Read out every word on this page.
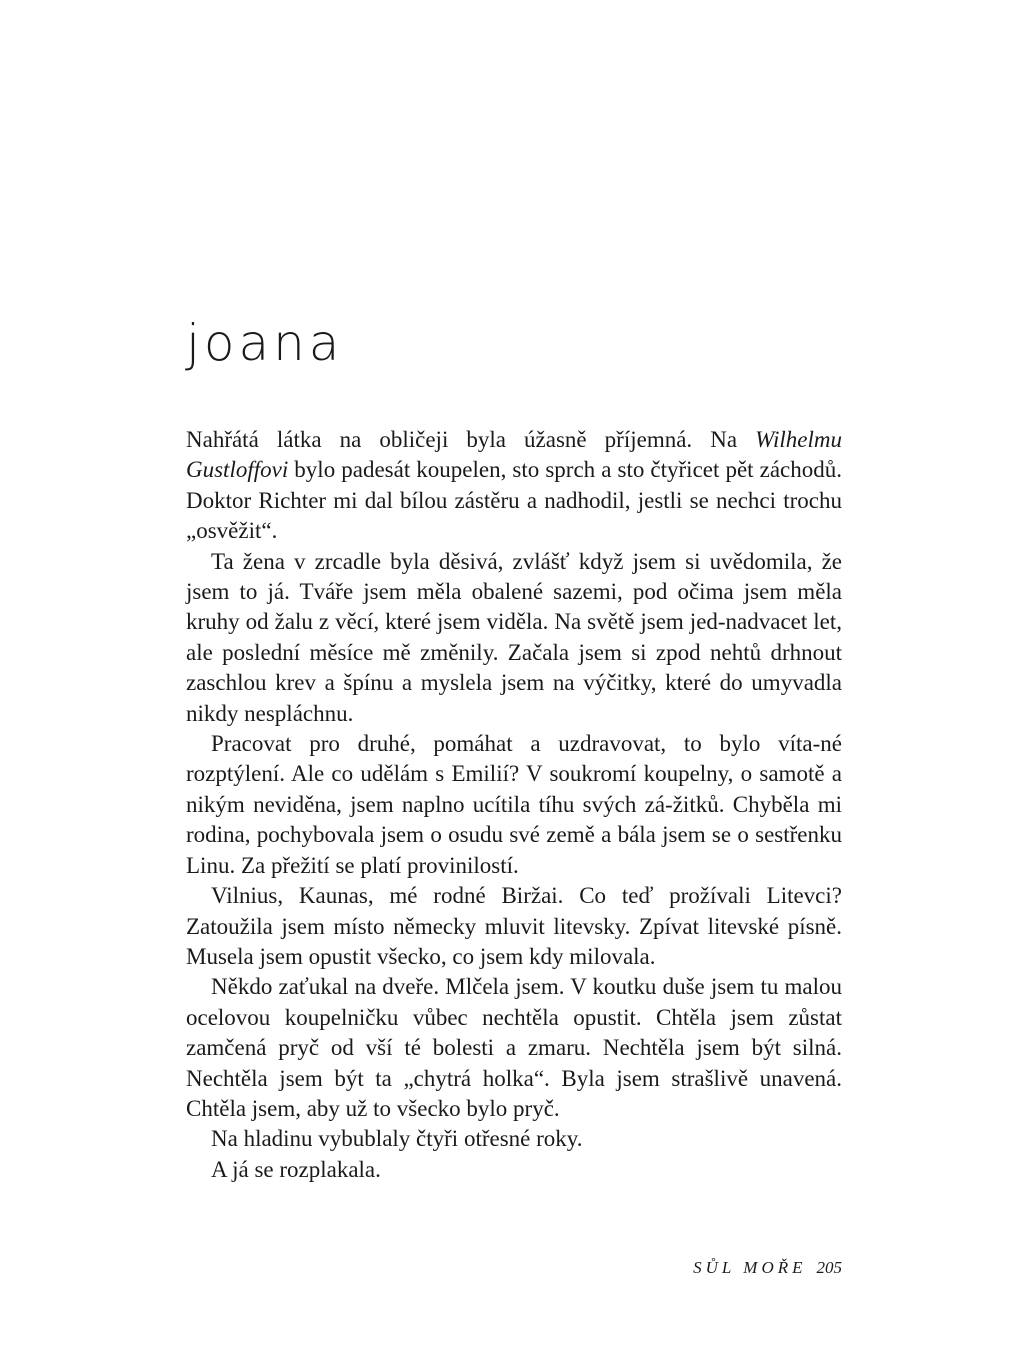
joana

Nahřátá látka na obličeji byla úžasně příjemná. Na Wilhelmu Gustloffovi bylo padesát koupelen, sto sprch a sto čtyřicet pět záchodů. Doktor Richter mi dal bílou zástěru a nadhodil, jestli se nechci trochu „osvěžit“.

Ta žena v zrcadle byla děsivá, zvlášť když jsem si uvědomila, že jsem to já. Tváře jsem měla obalené sazemi, pod očima jsem měla kruhy od žalu z věcí, které jsem viděla. Na světě jsem jed-nadvacet let, ale poslední měsíce mě změnily. Začala jsem si zpod nehtů drhnout zaschlou krev a špínu a myslela jsem na výčitky, které do umyvadla nikdy nespláchnu.

Pracovat pro druhé, pomáhat a uzdravovat, to bylo víta-né rozptýlení. Ale co udělám s Emilií? V soukromí koupelny, o samotě a nikým neviděna, jsem naplno ucítila tíhu svých zá-žitků. Chyběla mi rodina, pochybovala jsem o osudu své země a bála jsem se o sestřenku Linu. Za přežití se platí provinilostí.

Vilnius, Kaunas, mé rodné Biržai. Co teď prožívali Litevci? Zatoužila jsem místo německy mluvit litevsky. Zpívat litevské písně. Musela jsem opustit všecko, co jsem kdy milovala.

Někdo zaťukal na dveře. Mlčela jsem. V koutku duše jsem tu malou ocelovou koupelničku vůbec nechtěla opustit. Chtěla jsem zůstat zamčená pryč od vší té bolesti a zmaru. Nechtěla jsem být silná. Nechtěla jsem být ta „chytrá holka“. Byla jsem strašlivě unavená. Chtěla jsem, aby už to všecko bylo pryč.

Na hladinu vybublaly čtyři otřesné roky.

A já se rozplakala.

SŮL MOŘE 205
